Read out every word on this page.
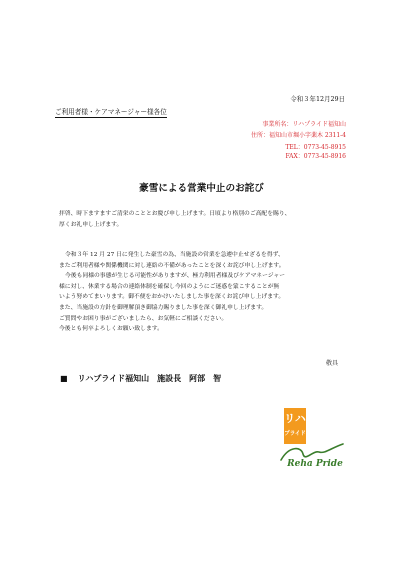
令和３年12月29日
ご利用者様・ケアマネージャー様各位
事業所名：リハプライド福知山
住所：福知山市堀小字薬木 2311-4
TEL：0773-45-8915
FAX：0773-45-8916
豪雪による営業中止のお詫び
拝啓、時下ますますご清栄のこととお慶び申し上げます。日頃より格別のご高配を賜り、
厚くお礼申し上げます。
令和３年 12 月 27 日に発生した豪雪の為、当施設の営業を急遽中止せざるを得ず、
またご利用者様や関係機関に対し連絡の不備があったことを深くお詫び申し上げます。
今後も同様の事態が生じる可能性がありますが、極力利用者様及びケアマネージャー
様に対し、休業する場合の連絡体制を確保し今回のようにご迷惑を蒙こすることが無
いよう努めてまいります。御不便をおかけいたしました事を深くお詫び申し上げます。
また、当施設の方針を御理解頂き御協力賜りました事を深く御礼申し上げます。
ご質問やお困り事がございましたら、お気軽にご相談ください。
今後とも何卒よろしくお願い致します。
敬具
■ リハプライド福知山 施設長 阿部　智
リハ
プライド
Reha Pride
